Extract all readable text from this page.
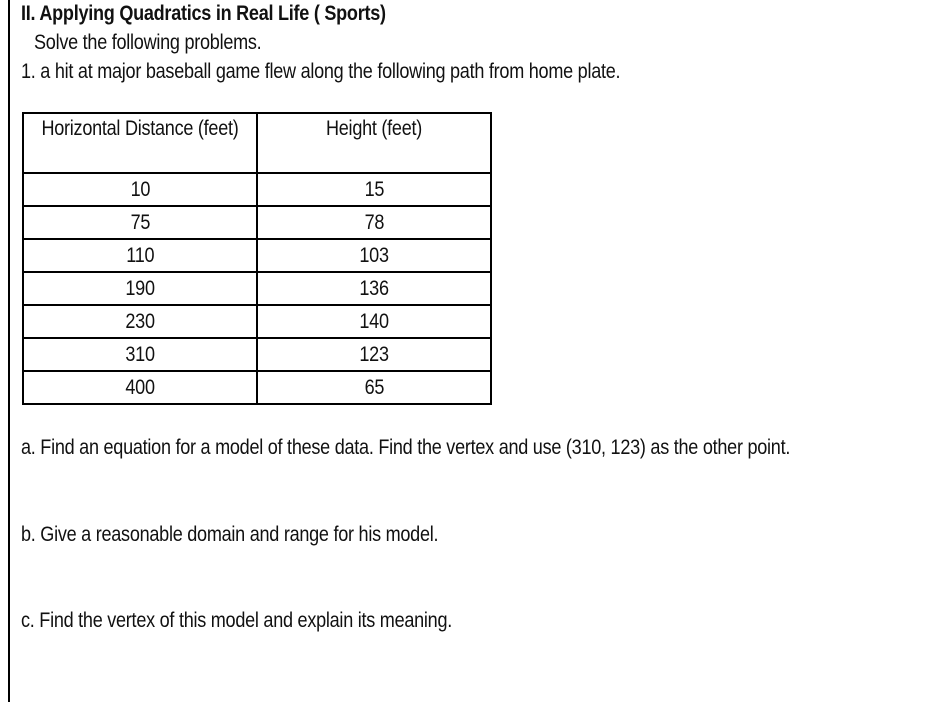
II. Applying Quadratics in Real Life ( Sports)
Solve the following problems.
1. a hit at major baseball game flew along the following path from home plate.
Horizontal Distance (feet)	Height (feet)
10	15
75	78
110	103
190	136
230	140
310	123
400	65
a. Find an equation for a model of these data. Find the vertex and use (310, 123) as the other point.
b. Give a reasonable domain and range for his model.
c. Find the vertex of this model and explain its meaning.
